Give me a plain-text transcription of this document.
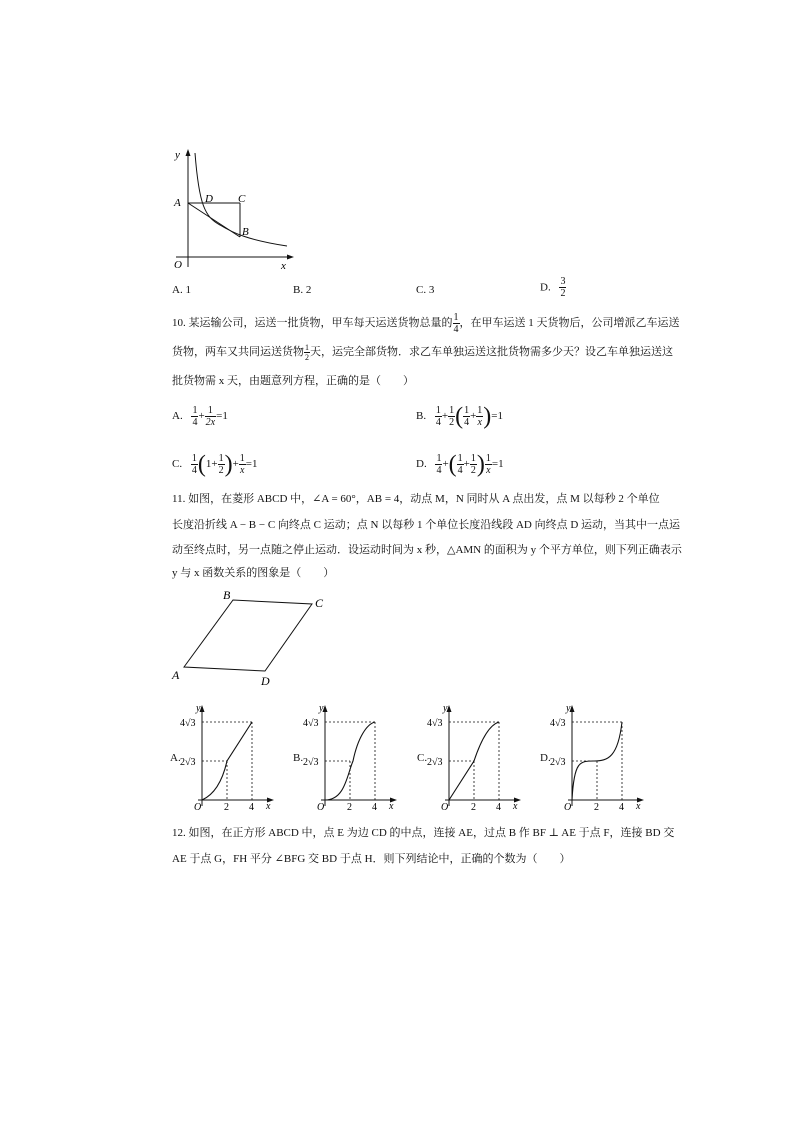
y
A D C
B
O	x
A. 1	B. 2	C. 3	D. $\frac{3}{2}$
10. 某运输公司，运送一批货物，甲车每天运送货物总量的 $\frac{1}{4}$ ，在甲车运送 1 天货物后，公司增派乙车运送
货物，两车又共同运送货物 $\frac{1}{2}$ 天，运完全部货物．求乙车单独运送这批货物需多少天？设乙车单独运送这
批货物需 x 天，由题意列方程，正确的是（　　）
A. $\frac{1}{4} + \frac{1}{2x} =1$	B. $\frac{1}{4} + \frac{1}{2}$ ( $\frac{1}{4} + \frac{1}{x} )=1$
C. $\frac{1}{4} (1+ \frac{1}{2}$ )+ $\frac{1}{x} =1$	D. $\frac{1}{4}$ +( $\frac{1}{4} + \frac{1}{2}$ ) $\frac{1}{x} =1$
11. 如图，在菱形 ABCD 中，∠A = 60°，AB = 4，动点 M，N 同时从 A 点出发，点 M 以每秒 2 个单位
长度沿折线 A − B − C 向终点 C 运动；点 N 以每秒 1 个单位长度沿线段 AD 向终点 D 运动，当其中一点运
动至终点时，另一点随之停止运动．设运动时间为 x 秒，△AMN 的面积为 y 个平方单位，则下列正确表示
y 与 x 函数关系的图象是（　　）
A
B
C
D
A.
y
4√3
2√3
O 2 4 x
B.
y
4√3
2√3
O 2 4 x
C.
y
4√3
2√3
O 2 4 x
D.
y
4√3
2√3
O 2 4 x
12. 如图，在正方形 ABCD 中，点 E 为边 CD 的中点，连接 AE，过点 B 作 BF ⊥ AE 于点 F，连接 BD 交
AE 于点 G，FH 平分 ∠BFG 交 BD 于点 H．则下列结论中，正确的个数为（　　）
